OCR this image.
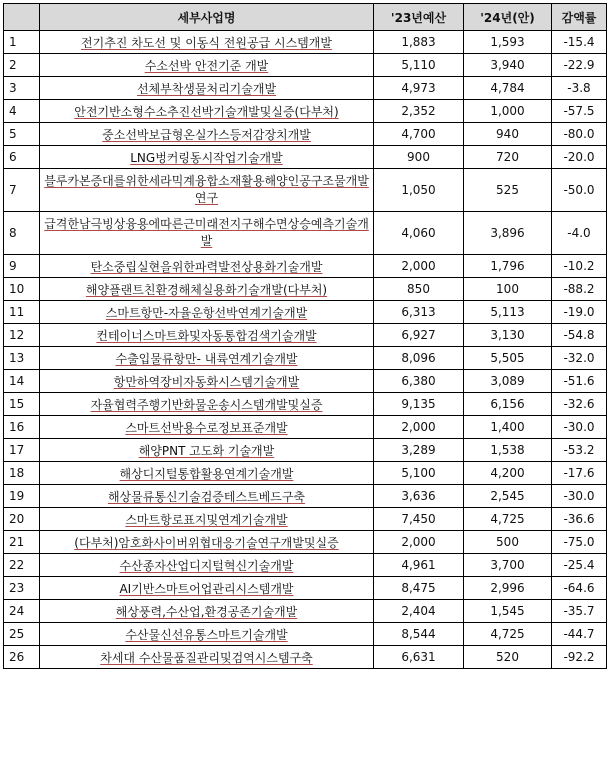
	세부사업명	'23년예산	'24년(안)	감액률
1	전기추진 차도선 및 이동식 전원공급 시스템개발	1,883	1,593	-15.4
2	수소선박 안전기준 개발	5,110	3,940	-22.9
3	선체부착생물처리기술개발	4,973	4,784	-3.8
4	안전기반소형수소추진선박기술개발및실증(다부처)	2,352	1,000	-57.5
5	중소선박보급형온실가스등저감장치개발	4,700	940	-80.0
6	LNG벙커링동시작업기술개발	900	720	-20.0
7	블루카본증대를위한세라믹계융합소재활용해양인공구조물개발연구	1,050	525	-50.0
8	급격한남극빙상융용에따른근미래전지구해수면상승예측기술개발	4,060	3,896	-4.0
9	탄소중립실현을위한파력발전상용화기술개발	2,000	1,796	-10.2
10	해양플랜트친환경해체실용화기술개발(다부처)	850	100	-88.2
11	스마트항만-자율운항선박연계기술개발	6,313	5,113	-19.0
12	컨테이너스마트화및자동통합검색기술개발	6,927	3,130	-54.8
13	수출입물류항만- 내륙연계기술개발	8,096	5,505	-32.0
14	항만하역장비자동화시스템기술개발	6,380	3,089	-51.6
15	자율협력주행기반화물운송시스템개발및실증	9,135	6,156	-32.6
16	스마트선박용수로정보표준개발	2,000	1,400	-30.0
17	해양PNT 고도화 기술개발	3,289	1,538	-53.2
18	해상디지털통합활용연계기술개발	5,100	4,200	-17.6
19	해상물류통신기술검증테스트베드구축	3,636	2,545	-30.0
20	스마트항로표지및연계기술개발	7,450	4,725	-36.6
21	(다부처)암호화사이버위협대응기술연구개발및실증	2,000	500	-75.0
22	수산종자산업디지털혁신기술개발	4,961	3,700	-25.4
23	AI기반스마트어업관리시스템개발	8,475	2,996	-64.6
24	해상풍력,수산업,환경공존기술개발	2,404	1,545	-35.7
25	수산물신선유통스마트기술개발	8,544	4,725	-44.7
26	차세대 수산물품질관리및검역시스템구축	6,631	520	-92.2
